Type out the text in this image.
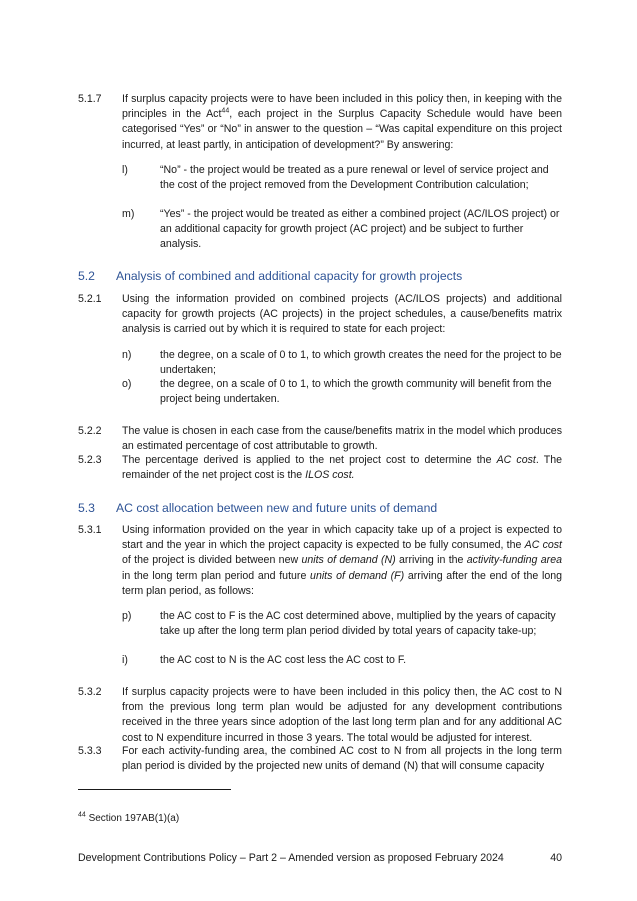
5.1.7	If surplus capacity projects were to have been included in this policy then, in keeping with the principles in the Act$^{44}$, each project in the Surplus Capacity Schedule would have been categorised “Yes” or “No” in answer to the question – “Was capital expenditure on this project incurred, at least partly, in anticipation of development?” By answering:
l)	“No” - the project would be treated as a pure renewal or level of service project and the cost of the project removed from the Development Contribution calculation;
m)	“Yes” - the project would be treated as either a combined project (AC/ILOS project) or an additional capacity for growth project (AC project) and be subject to further analysis.
5.2 Analysis of combined and additional capacity for growth projects
5.2.1	Using the information provided on combined projects (AC/ILOS projects) and additional capacity for growth projects (AC projects) in the project schedules, a cause/benefits matrix analysis is carried out by which it is required to state for each project:
n)	the degree, on a scale of 0 to 1, to which growth creates the need for the project to be undertaken;
o)	the degree, on a scale of 0 to 1, to which the growth community will benefit from the project being undertaken.
5.2.2	The value is chosen in each case from the cause/benefits matrix in the model which produces an estimated percentage of cost attributable to growth.
5.2.3	The percentage derived is applied to the net project cost to determine the AC cost. The remainder of the net project cost is the ILOS cost.
5.3 AC cost allocation between new and future units of demand
5.3.1	Using information provided on the year in which capacity take up of a project is expected to start and the year in which the project capacity is expected to be fully consumed, the AC cost of the project is divided between new units of demand (N) arriving in the activity-funding area in the long term plan period and future units of demand (F) arriving after the end of the long term plan period, as follows:
p)	the AC cost to F is the AC cost determined above, multiplied by the years of capacity take up after the long term plan period divided by total years of capacity take-up;
i)	the AC cost to N is the AC cost less the AC cost to F.
5.3.2	If surplus capacity projects were to have been included in this policy then, the AC cost to N from the previous long term plan would be adjusted for any development contributions received in the three years since adoption of the last long term plan and for any additional AC cost to N expenditure incurred in those 3 years. The total would be adjusted for interest.
5.3.3	For each activity-funding area, the combined AC cost to N from all projects in the long term plan period is divided by the projected new units of demand (N) that will consume capacity
$^{44}$ Section 197AB(1)(a)
Development Contributions Policy – Part 2 – Amended version as proposed February 2024	40
